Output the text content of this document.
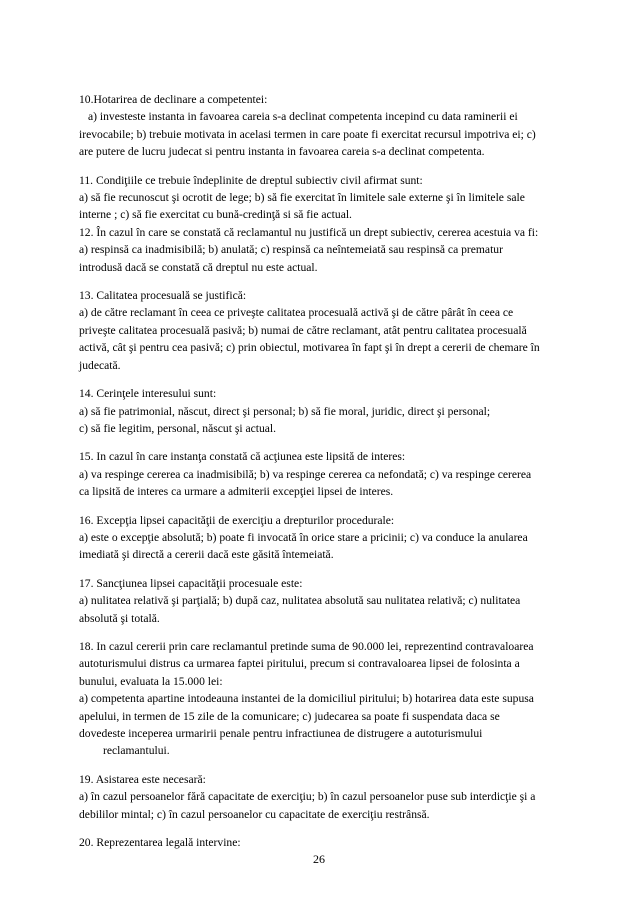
10.Hotarirea de declinare a competentei:

a) investeste instanta in favoarea careia s-a declinat competenta incepind cu data raminerii ei

irevocabile; b) trebuie motivata in acelasi termen in care poate fi exercitat recursul impotriva ei; c)

are putere de lucru judecat si pentru instanta in favoarea careia s-a declinat competenta.

11. Condiţiile ce trebuie îndeplinite de dreptul subiectiv civil afirmat sunt:

a) să fie recunoscut şi ocrotit de lege; b) să fie exercitat în limitele sale externe şi în limitele sale

interne ; c) să fie exercitat cu bună-credinţă si să fie actual.

12. În cazul în care se constată că reclamantul nu justifică un drept subiectiv, cererea acestuia va fi:

a) respinsă ca inadmisibilă; b) anulată; c) respinsă ca neîntemeiată sau respinsă ca prematur

introdusă dacă se constată că dreptul nu este actual.

13. Calitatea procesuală se justifică:

a) de către reclamant în ceea ce priveşte calitatea procesuală activă şi de către pârât în ceea ce

priveşte calitatea procesuală pasivă; b) numai de către reclamant, atât pentru calitatea procesuală

activă, cât şi pentru cea pasivă; c) prin obiectul, motivarea în fapt şi în drept a cererii de chemare în

judecată.

14. Cerinţele interesului sunt:

a) să fie patrimonial, născut, direct şi personal; b) să fie moral, juridic, direct şi personal;

c) să fie legitim, personal, născut şi actual.

15. In cazul în care instanţa constată că acţiunea este lipsită de interes:

a) va respinge cererea ca inadmisibilă; b) va respinge cererea ca nefondată; c) va respinge cererea

ca lipsită de interes ca urmare a admiterii excepţiei lipsei de interes.

16. Excepţia lipsei capacităţii de exerciţiu a drepturilor procedurale:

a) este o excepţie absolută; b) poate fi invocată în orice stare a pricinii; c) va conduce la anularea

imediată şi directă a cererii dacă este găsită întemeiată.

17. Sancţiunea lipsei capacităţii procesuale este:

a) nulitatea relativă şi parţială; b) după caz, nulitatea absolută sau nulitatea relativă; c) nulitatea

absolută şi totală.

18. In cazul cererii prin care reclamantul pretinde suma de 90.000 lei, reprezentind contravaloarea

autoturismului distrus ca urmarea faptei piritului, precum si contravaloarea lipsei de folosinta a

bunului, evaluata la 15.000 lei:

a) competenta apartine intodeauna instantei de la domiciliul piritului; b) hotarirea data este supusa

apelului, in termen de 15 zile de la comunicare; c) judecarea sa poate fi suspendata daca se

dovedeste inceperea urmaririi penale pentru infractiunea de distrugere a autoturismului

reclamantului.

19. Asistarea este necesară:

a) în cazul persoanelor fără capacitate de exerciţiu; b) în cazul persoanelor puse sub interdicţie şi a

debililor mintal; c) în cazul persoanelor cu capacitate de exerciţiu restrânsă.

20. Reprezentarea legală intervine:

26
